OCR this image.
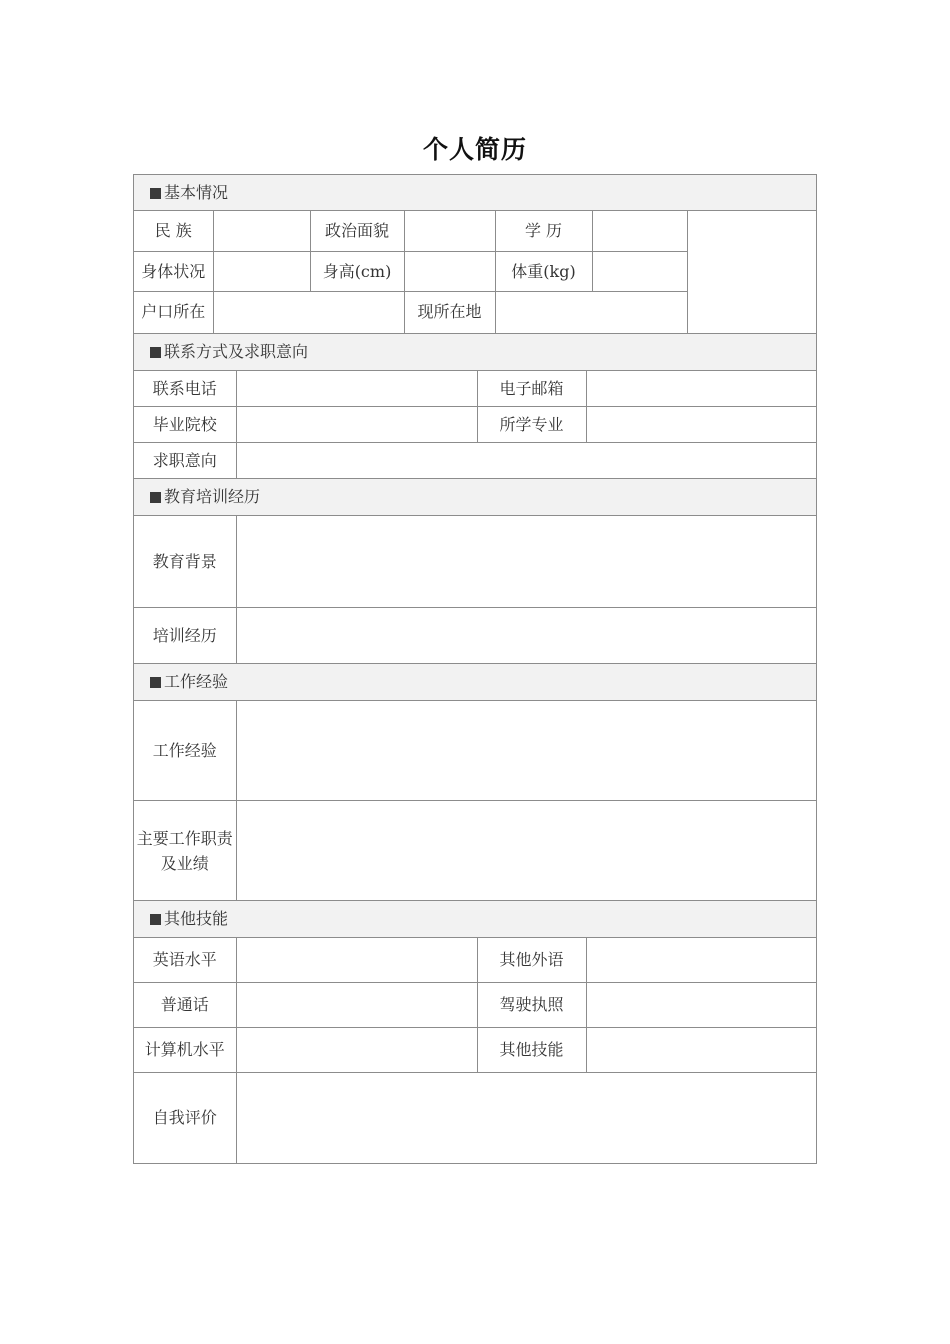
个人简历
基本情况						
民 族		政治面貌		学 历		
身体状况		身高(cm)		体重(kg)		
户口所在			现所在地			
联系方式及求职意向			
联系电话		电子邮箱	
毕业院校		所学专业	
求职意向			
教育培训经历			
教育背景			
培训经历			
工作经验			
工作经验			
主要工作职责
及业绩			
其他技能			
英语水平		其他外语	
普通话		驾驶执照	
计算机水平		其他技能	
自我评价			
